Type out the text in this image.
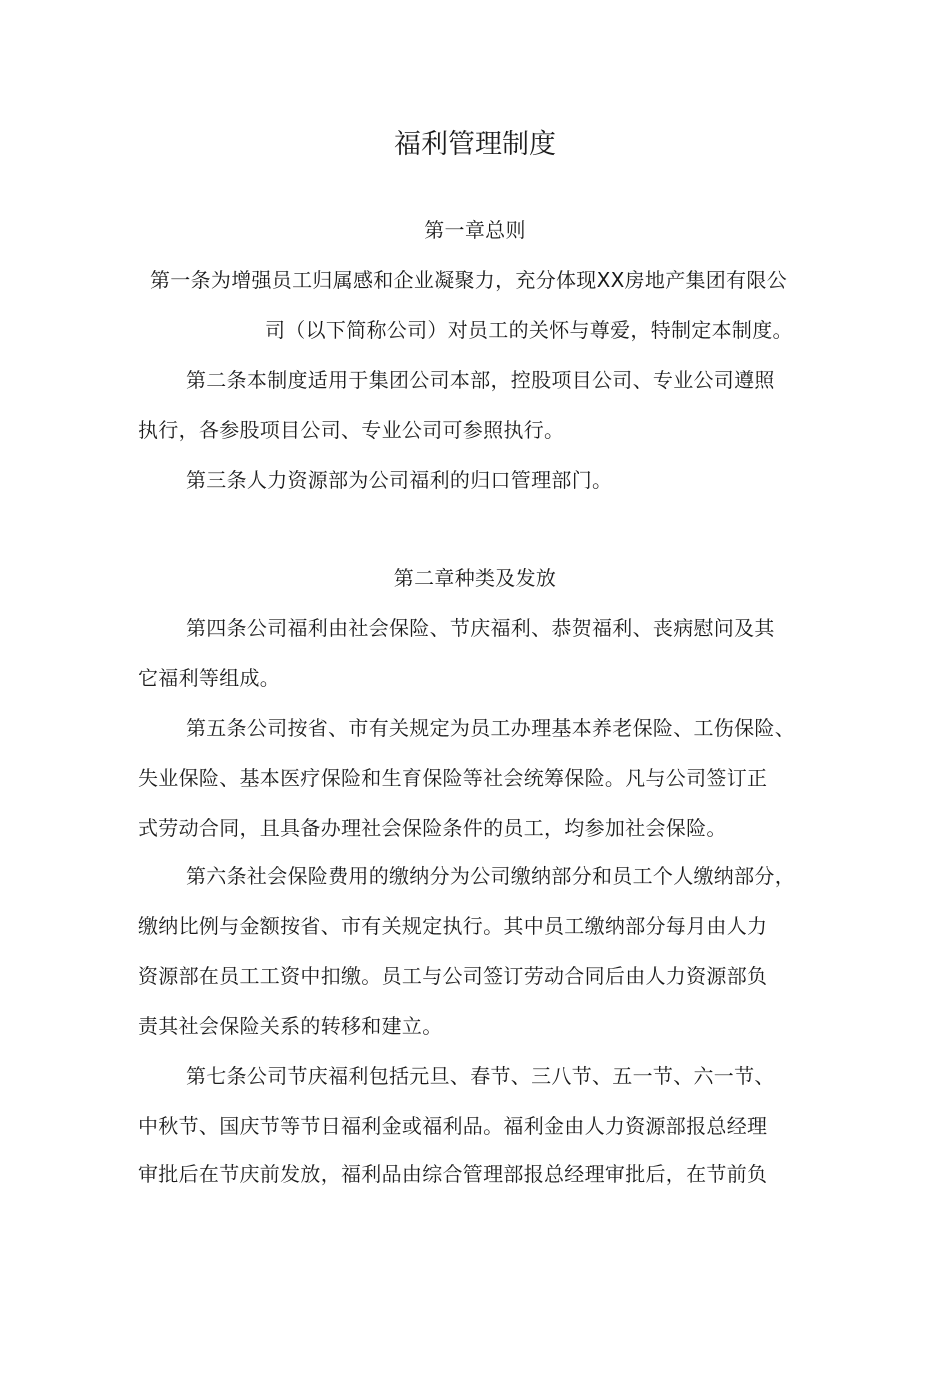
福利管理制度
第一章总则
第一条为增强员工归属感和企业凝聚力，充分体现XX房地产集团有限公
司（以下简称公司）对员工的关怀与尊爱，特制定本制度。
第二条本制度适用于集团公司本部，控股项目公司、专业公司遵照
执行，各参股项目公司、专业公司可参照执行。
第三条人力资源部为公司福利的归口管理部门。
第二章种类及发放
第四条公司福利由社会保险、节庆福利、恭贺福利、丧病慰问及其
它福利等组成。
第五条公司按省、市有关规定为员工办理基本养老保险、工伤保险、
失业保险、基本医疗保险和生育保险等社会统筹保险。凡与公司签订正
式劳动合同，且具备办理社会保险条件的员工，均参加社会保险。
第六条社会保险费用的缴纳分为公司缴纳部分和员工个人缴纳部分，
缴纳比例与金额按省、市有关规定执行。其中员工缴纳部分每月由人力
资源部在员工工资中扣缴。员工与公司签订劳动合同后由人力资源部负
责其社会保险关系的转移和建立。
第七条公司节庆福利包括元旦、春节、三八节、五一节、六一节、
中秋节、国庆节等节日福利金或福利品。福利金由人力资源部报总经理
审批后在节庆前发放，福利品由综合管理部报总经理审批后，在节前负
